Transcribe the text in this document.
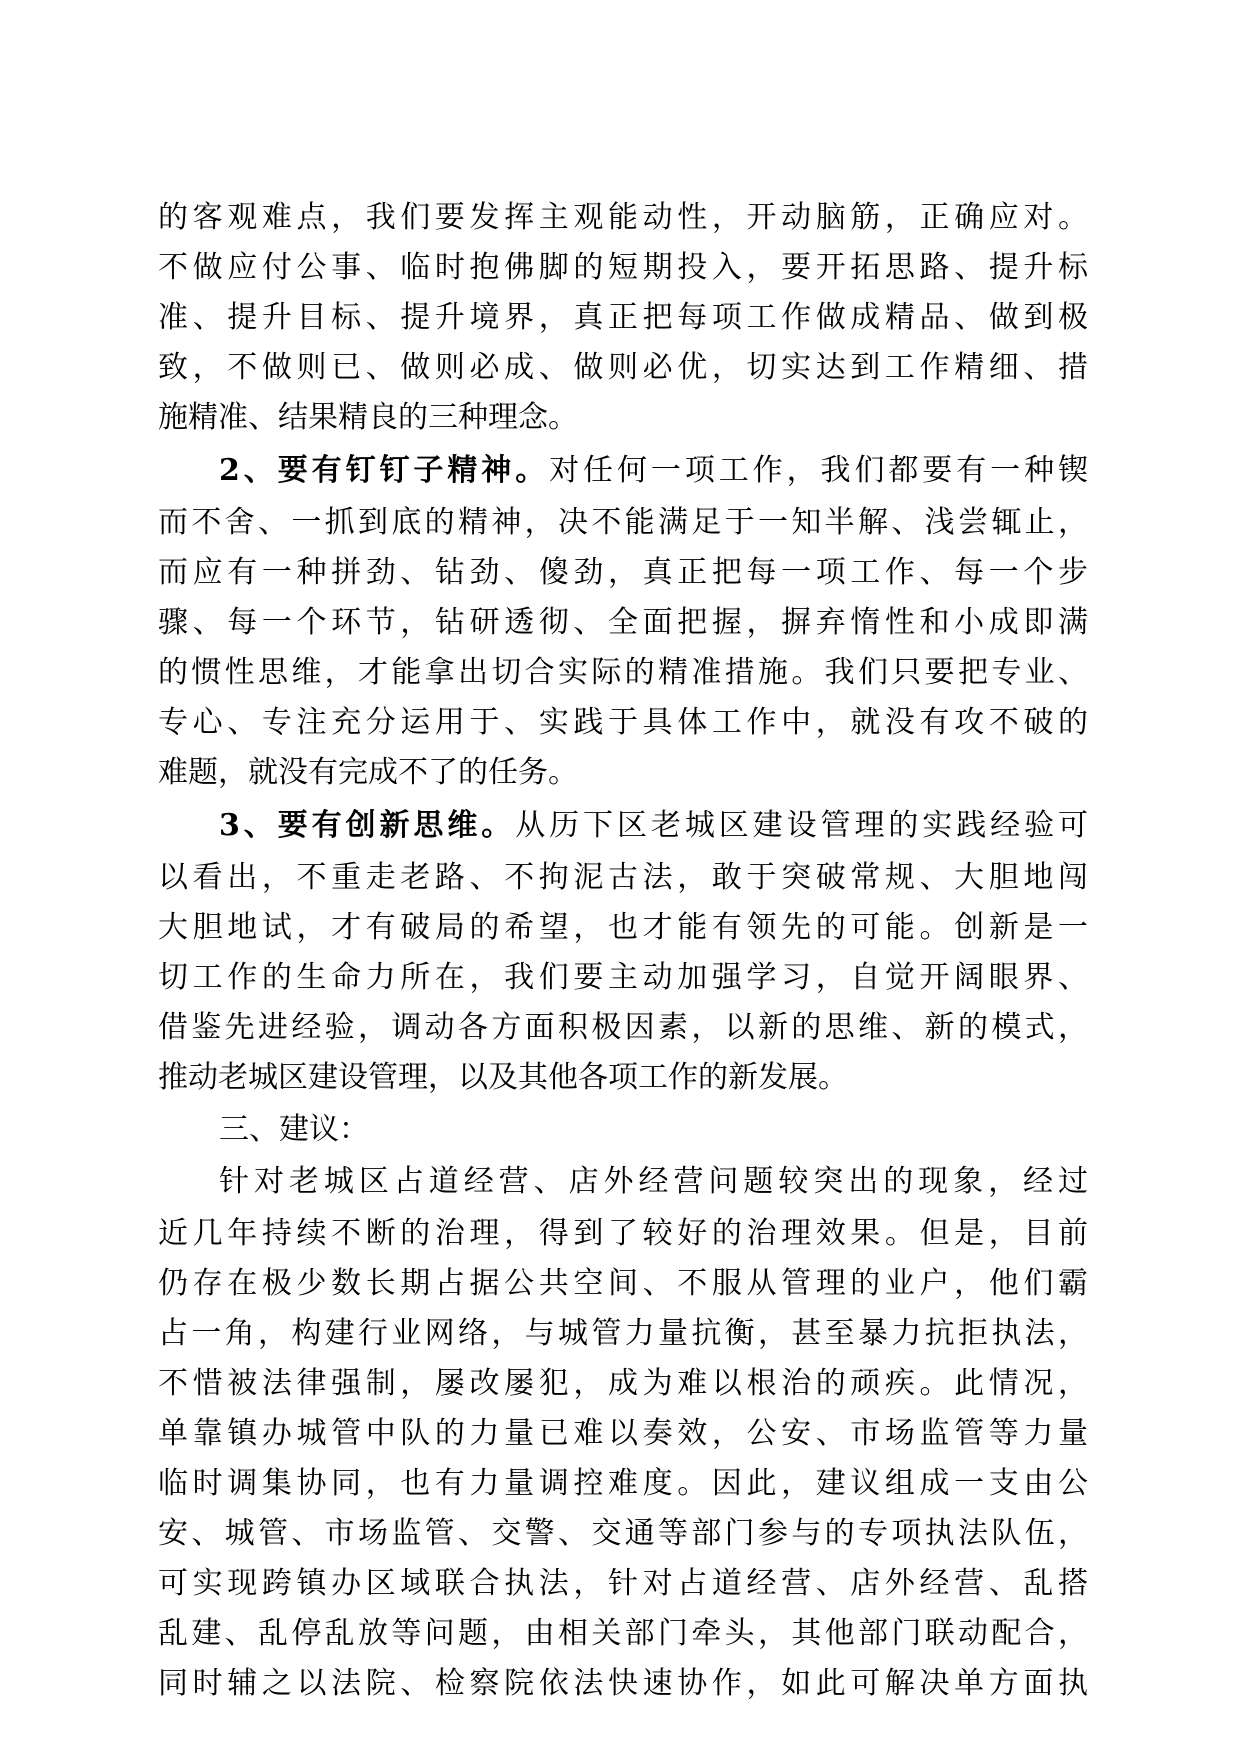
的客观难点，我们要发挥主观能动性，开动脑筋，正确应对。
不做应付公事、临时抱佛脚的短期投入，要开拓思路、提升标
准、提升目标、提升境界，真正把每项工作做成精品、做到极
致，不做则已、做则必成、做则必优，切实达到工作精细、措
施精准、结果精良的三种理念。
2、要有钉钉子精神。对任何一项工作，我们都要有一种锲
而不舍、一抓到底的精神，决不能满足于一知半解、浅尝辄止，
而应有一种拼劲、钻劲、傻劲，真正把每一项工作、每一个步
骤、每一个环节，钻研透彻、全面把握，摒弃惰性和小成即满
的惯性思维，才能拿出切合实际的精准措施。我们只要把专业、
专心、专注充分运用于、实践于具体工作中，就没有攻不破的
难题，就没有完成不了的任务。
3、要有创新思维。从历下区老城区建设管理的实践经验可
以看出，不重走老路、不拘泥古法，敢于突破常规、大胆地闯
大胆地试，才有破局的希望，也才能有领先的可能。创新是一
切工作的生命力所在，我们要主动加强学习，自觉开阔眼界、
借鉴先进经验，调动各方面积极因素，以新的思维、新的模式，
推动老城区建设管理，以及其他各项工作的新发展。
三、建议：
针对老城区占道经营、店外经营问题较突出的现象，经过
近几年持续不断的治理，得到了较好的治理效果。但是，目前
仍存在极少数长期占据公共空间、不服从管理的业户，他们霸
占一角，构建行业网络，与城管力量抗衡，甚至暴力抗拒执法，
不惜被法律强制，屡改屡犯，成为难以根治的顽疾。此情况，
单靠镇办城管中队的力量已难以奏效，公安、市场监管等力量
临时调集协同，也有力量调控难度。因此，建议组成一支由公
安、城管、市场监管、交警、交通等部门参与的专项执法队伍，
可实现跨镇办区域联合执法，针对占道经营、店外经营、乱搭
乱建、乱停乱放等问题，由相关部门牵头，其他部门联动配合，
同时辅之以法院、检察院依法快速协作，如此可解决单方面执
